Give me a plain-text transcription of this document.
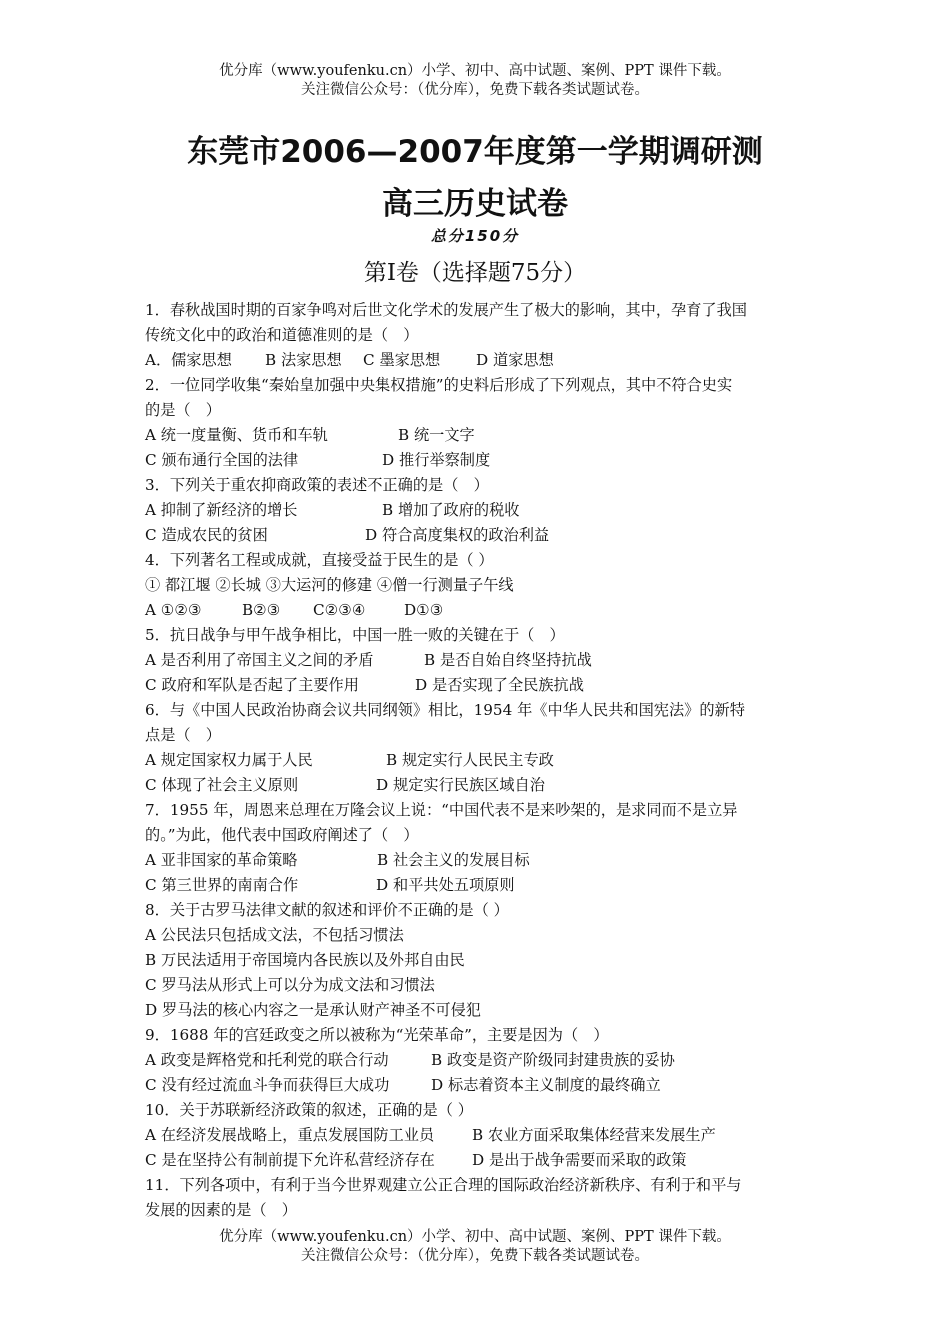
优分库（www.youfenku.cn）小学、初中、高中试题、案例、PPT 课件下载。
关注微信公众号：（优分库），免费下载各类试题试卷。
东莞市2006—2007年度第一学期调研测
高三历史试卷
总分150分
第Ⅰ卷（选择题75分）
1．春秋战国时期的百家争鸣对后世文化学术的发展产生了极大的影响，其中，孕育了我国
传统文化中的政治和道德准则的是（　）
A．儒家思想 B 法家思想 C 墨家思想 D 道家思想
2．一位同学收集“秦始皇加强中央集权措施”的史料后形成了下列观点，其中不符合史实
的是（　）
A 统一度量衡、货币和车轨	B 统一文字
C 颁布通行全国的法律	D 推行举察制度
3．下列关于重农抑商政策的表述不正确的是（　）
A 抑制了新经济的增长	B 增加了政府的税收
C 造成农民的贫困	D 符合高度集权的政治利益
4．下列著名工程或成就，直接受益于民生的是（ ）
① 都江堰 ②长城 ③大运河的修建 ④僧一行测量子午线
A ①②③	B②③ C②③④	D①③
5．抗日战争与甲午战争相比，中国一胜一败的关键在于（　）
A 是否利用了帝国主义之间的矛盾	B 是否自始自终坚持抗战
C 政府和军队是否起了主要作用	D 是否实现了全民族抗战
6．与《中国人民政治协商会议共同纲领》相比，1954 年《中华人民共和国宪法》的新特
点是（　）
A 规定国家权力属于人民	B 规定实行人民民主专政
C 体现了社会主义原则	D 规定实行民族区域自治
7．1955 年，周恩来总理在万隆会议上说：“中国代表不是来吵架的，是求同而不是立异
的。”为此，他代表中国政府阐述了（　）
A 亚非国家的革命策略	B 社会主义的发展目标
C 第三世界的南南合作	D 和平共处五项原则
8．关于古罗马法律文献的叙述和评价不正确的是（ ）
A 公民法只包括成文法，不包括习惯法
B 万民法适用于帝国境内各民族以及外邦自由民
C 罗马法从形式上可以分为成文法和习惯法
D 罗马法的核心内容之一是承认财产神圣不可侵犯
9．1688 年的宫廷政变之所以被称为“光荣革命”，主要是因为（　）
A 政变是辉格党和托利党的联合行动	B 政变是资产阶级同封建贵族的妥协
C 没有经过流血斗争而获得巨大成功	D 标志着资本主义制度的最终确立
10．关于苏联新经济政策的叙述，正确的是（ ）
A 在经济发展战略上，重点发展国防工业员 B 农业方面采取集体经营来发展生产
C 是在坚持公有制前提下允许私营经济存在 D 是出于战争需要而采取的政策
11．下列各项中，有利于当今世界观建立公正合理的国际政治经济新秩序、有利于和平与
发展的因素的是（　）
优分库（www.youfenku.cn）小学、初中、高中试题、案例、PPT 课件下载。
关注微信公众号：（优分库），免费下载各类试题试卷。
